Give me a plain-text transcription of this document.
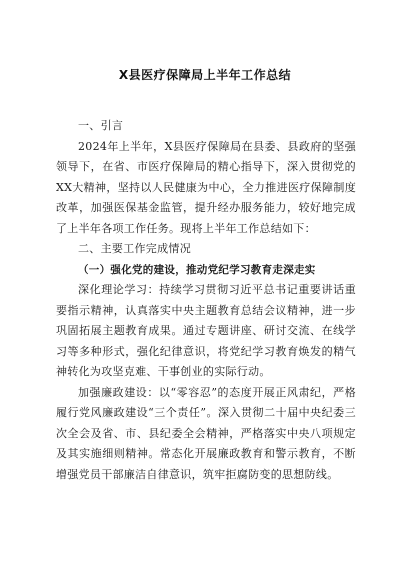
X县医疗保障局上半年工作总结

一、引言

2024年上半年，X县医疗保障局在县委、县政府的坚强领导下，在省、市医疗保障局的精心指导下，深入贯彻党的XX大精神，坚持以人民健康为中心，全力推进医疗保障制度改革，加强医保基金监管，提升经办服务能力，较好地完成了上半年各项工作任务。现将上半年工作总结如下：

二、主要工作完成情况

（一）强化党的建设，推动党纪学习教育走深走实

深化理论学习：持续学习贯彻习近平总书记重要讲话重要指示精神，认真落实中央主题教育总结会议精神，进一步巩固拓展主题教育成果。通过专题讲座、研讨交流、在线学习等多种形式，强化纪律意识，将党纪学习教育焕发的精气神转化为攻坚克难、干事创业的实际行动。

加强廉政建设：以“零容忍”的态度开展正风肃纪，严格履行党风廉政建设“三个责任”。深入贯彻二十届中央纪委三次全会及省、市、县纪委全会精神，严格落实中央八项规定及其实施细则精神。常态化开展廉政教育和警示教育，不断增强党员干部廉洁自律意识，筑牢拒腐防变的思想防线。
